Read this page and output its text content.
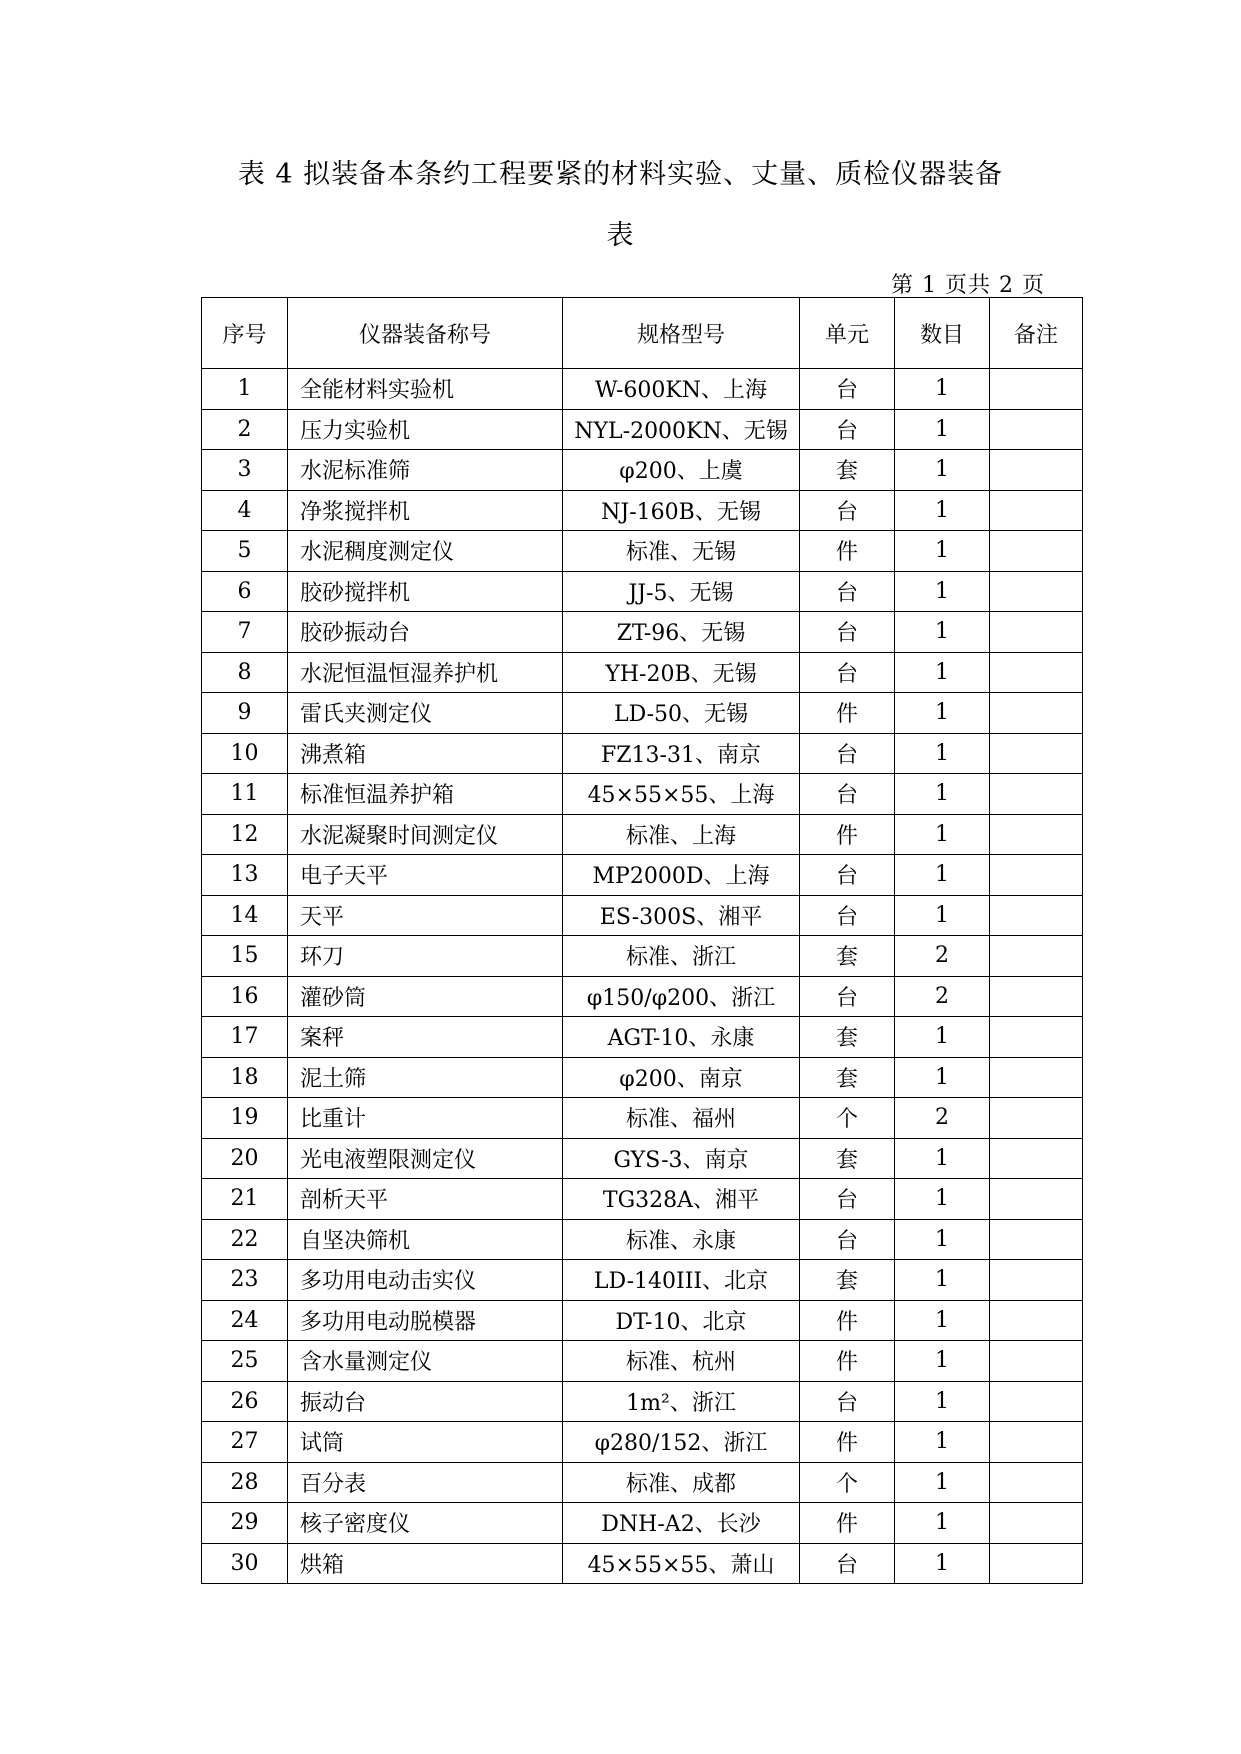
表 4 拟装备本条约工程要紧的材料实验、丈量、质检仪器装备
表
第 1 页共 2 页
序号	仪器装备称号	规格型号	单元	数目	备注
1	全能材料实验机	W-600KN、上海	台	1	
2	压力实验机	NYL-2000KN、无锡	台	1	
3	水泥标准筛	φ200、上虞	套	1	
4	净浆搅拌机	NJ-160B、无锡	台	1	
5	水泥稠度测定仪	标准、无锡	件	1	
6	胶砂搅拌机	JJ-5、无锡	台	1	
7	胶砂振动台	ZT-96、无锡	台	1	
8	水泥恒温恒湿养护机	YH-20B、无锡	台	1	
9	雷氏夹测定仪	LD-50、无锡	件	1	
10	沸煮箱	FZ13-31、南京	台	1	
11	标准恒温养护箱	45×55×55、上海	台	1	
12	水泥凝聚时间测定仪	标准、上海	件	1	
13	电子天平	MP2000D、上海	台	1	
14	天平	ES-300S、湘平	台	1	
15	环刀	标准、浙江	套	2	
16	灌砂筒	φ150/φ200、浙江	台	2	
17	案秤	AGT-10、永康	套	1	
18	泥土筛	φ200、南京	套	1	
19	比重计	标准、福州	个	2	
20	光电液塑限测定仪	GYS-3、南京	套	1	
21	剖析天平	TG328A、湘平	台	1	
22	自坚决筛机	标准、永康	台	1	
23	多功用电动击实仪	LD-140III、北京	套	1	
24	多功用电动脱模器	DT-10、北京	件	1	
25	含水量测定仪	标准、杭州	件	1	
26	振动台	1m²、浙江	台	1	
27	试筒	φ280/152、浙江	件	1	
28	百分表	标准、成都	个	1	
29	核子密度仪	DNH-A2、长沙	件	1	
30	烘箱	45×55×55、萧山	台	1	
